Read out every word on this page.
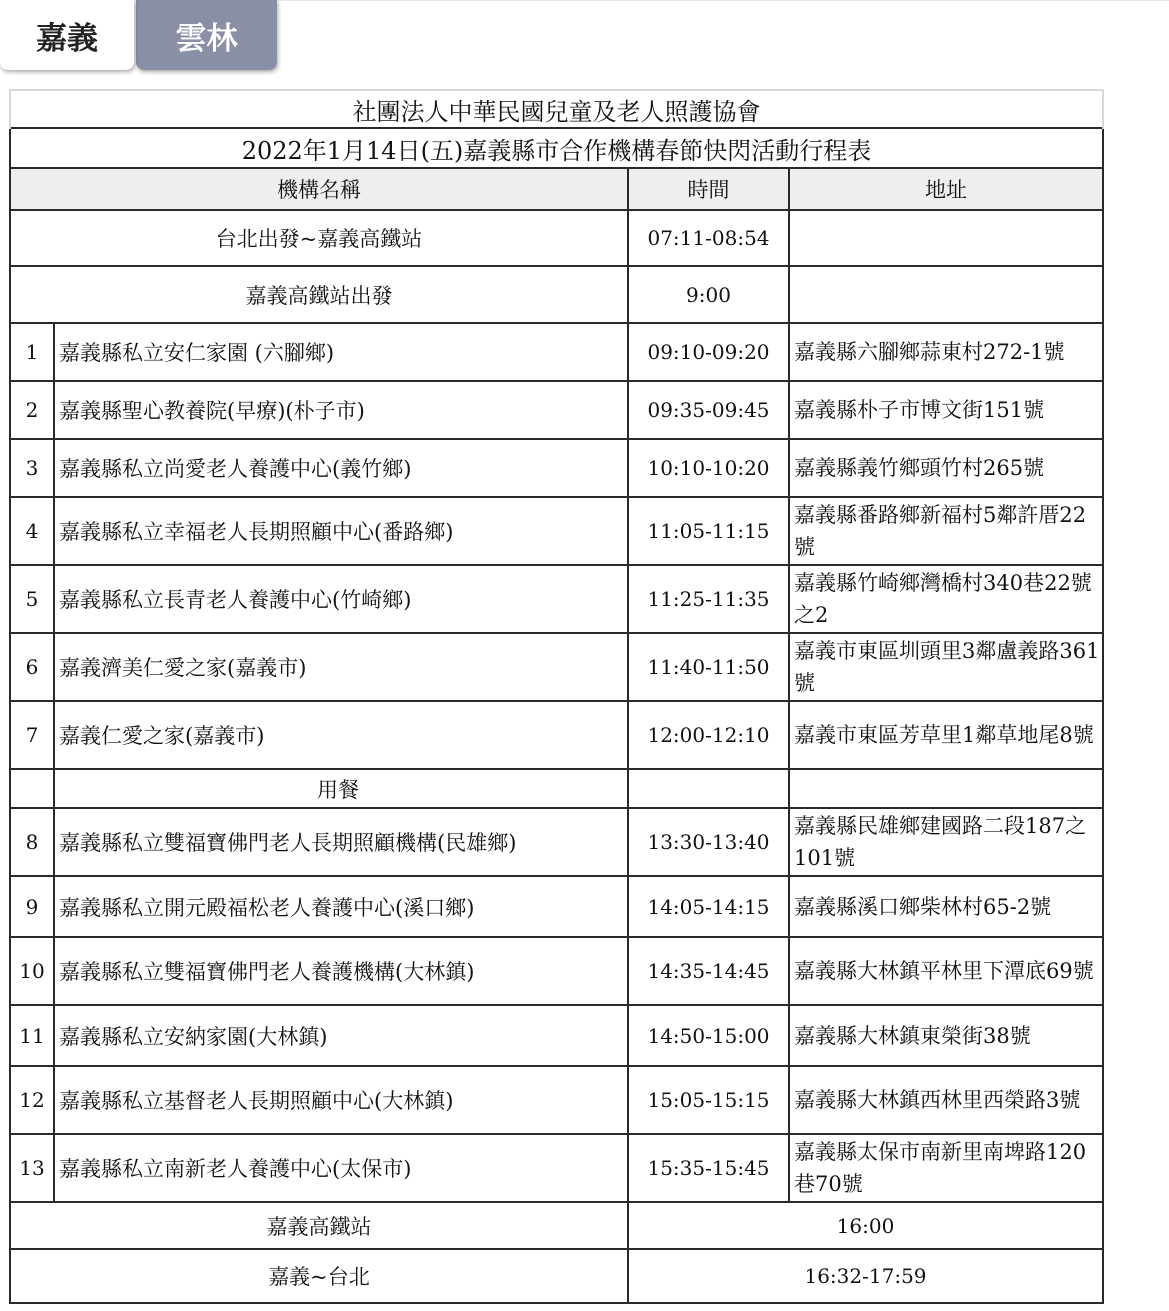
嘉義	雲林
社團法人中華民國兒童及老人照護協會			
2022年1月14日(五)嘉義縣市合作機構春節快閃活動行程表			
機構名稱		時間	地址
台北出發~嘉義高鐵站		07:11-08:54	
嘉義高鐵站出發		9:00	
1	嘉義縣私立安仁家園 (六腳鄉)	09:10-09:20	嘉義縣六腳鄉蒜東村272-1號
2	嘉義縣聖心教養院(早療)(朴子市)	09:35-09:45	嘉義縣朴子市博文街151號
3	嘉義縣私立尚愛老人養護中心(義竹鄉)	10:10-10:20	嘉義縣義竹鄉頭竹村265號
4	嘉義縣私立幸福老人長期照顧中心(番路鄉)	11:05-11:15	嘉義縣番路鄉新福村5鄰許厝22號
5	嘉義縣私立長青老人養護中心(竹崎鄉)	11:25-11:35	嘉義縣竹崎鄉灣橋村340巷22號之2
6	嘉義濟美仁愛之家(嘉義市)	11:40-11:50	嘉義市東區圳頭里3鄰盧義路361號
7	嘉義仁愛之家(嘉義市)	12:00-12:10	嘉義市東區芳草里1鄰草地尾8號
	用餐		
8	嘉義縣私立雙福寶佛門老人長期照顧機構(民雄鄉)	13:30-13:40	嘉義縣民雄鄉建國路二段187之101號
9	嘉義縣私立開元殿福松老人養護中心(溪口鄉)	14:05-14:15	嘉義縣溪口鄉柴林村65-2號
10	嘉義縣私立雙福寶佛門老人養護機構(大林鎮)	14:35-14:45	嘉義縣大林鎮平林里下潭底69號
11	嘉義縣私立安納家園(大林鎮)	14:50-15:00	嘉義縣大林鎮東榮街38號
12	嘉義縣私立基督老人長期照顧中心(大林鎮)	15:05-15:15	嘉義縣大林鎮西林里西榮路3號
13	嘉義縣私立南新老人養護中心(太保市)	15:35-15:45	嘉義縣太保市南新里南埤路120巷70號
嘉義高鐵站		16:00	
嘉義~台北		16:32-17:59	
